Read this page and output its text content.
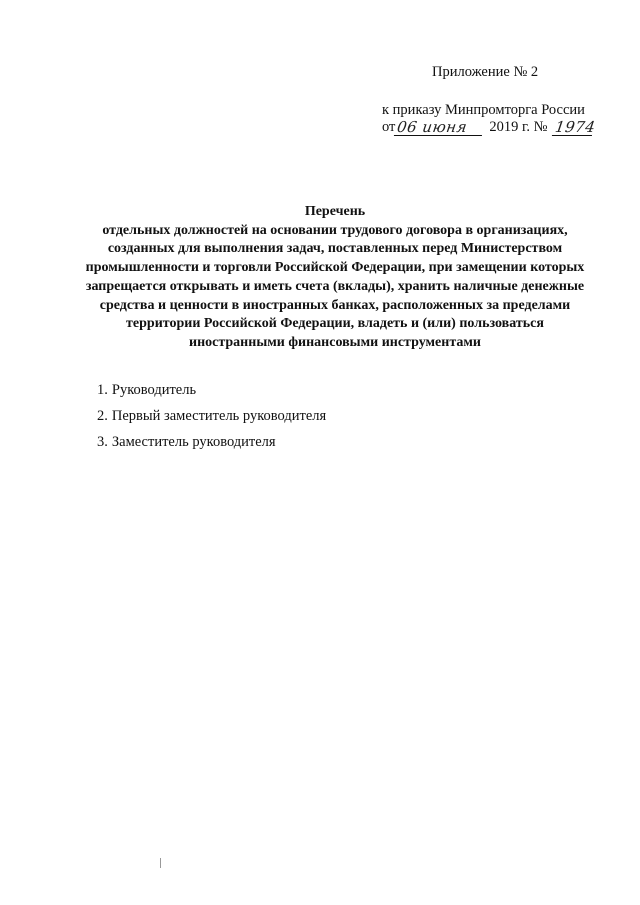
Приложение № 2
к приказу Минпромторга России
от 06 июня	2019 г. № 1974
Перечень
отдельных должностей на основании трудового договора в организациях,
созданных для выполнения задач, поставленных перед Министерством
промышленности и торговли Российской Федерации, при замещении которых
запрещается открывать и иметь счета (вклады), хранить наличные денежные
средства и ценности в иностранных банках, расположенных за пределами
территории Российской Федерации, владеть и (или) пользоваться
иностранными финансовыми инструментами
1. Руководитель
2. Первый заместитель руководителя
3. Заместитель руководителя
